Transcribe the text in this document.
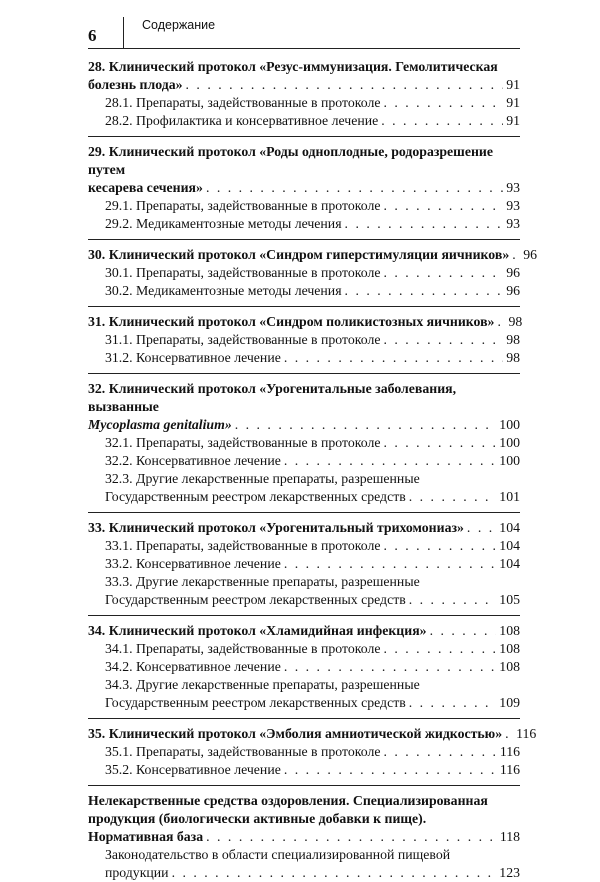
6
Содержание
28. Клинический протокол «Резус-иммунизация. Гемолитическая
болезнь плода» . . .	91
28.1. Препараты, задействованные в протоколе . . .	91
28.2. Профилактика и консервативное лечение . . .	91
29. Клинический протокол «Роды одноплодные, родоразрешение путем
кесарева сечения» . . .	93
29.1. Препараты, задействованные в протоколе . . .	93
29.2. Медикаментозные методы лечения . . .	93
30. Клинический протокол «Синдром гиперстимуляции яичников» . . . 96
30.1. Препараты, задействованные в протоколе . . .	96
30.2. Медикаментозные методы лечения . . .	96
31. Клинический протокол «Синдром поликистозных яичников» . . . 98
31.1. Препараты, задействованные в протоколе . . .	98
31.2. Консервативное лечение . . .	98
32. Клинический протокол «Урогенитальные заболевания, вызванные
Mycoplasma genitalium» . . .	100
32.1. Препараты, задействованные в протоколе . . .	100
32.2. Консервативное лечение . . .	100
32.3. Другие лекарственные препараты, разрешенные
Государственным реестром лекарственных средств . . .	101
33. Клинический протокол «Урогенитальный трихомониаз» . . .	104
33.1. Препараты, задействованные в протоколе . . .	104
33.2. Консервативное лечение . . .	104
33.3. Другие лекарственные препараты, разрешенные
Государственным реестром лекарственных средств . . .	105
34. Клинический протокол «Хламидийная инфекция» . . .	108
34.1. Препараты, задействованные в протоколе . . .	108
34.2. Консервативное лечение . . .	108
34.3. Другие лекарственные препараты, разрешенные
Государственным реестром лекарственных средств . . .	109
35. Клинический протокол «Эмболия амниотической жидкостью» . . . 116
35.1. Препараты, задействованные в протоколе . . .	116
35.2. Консервативное лечение . . .	116
Нелекарственные средства оздоровления. Специализированная
продукция (биологически активные добавки к пище).
Нормативная база . . .	118
Законодательство в области специализированной пищевой
продукции . . .	123
